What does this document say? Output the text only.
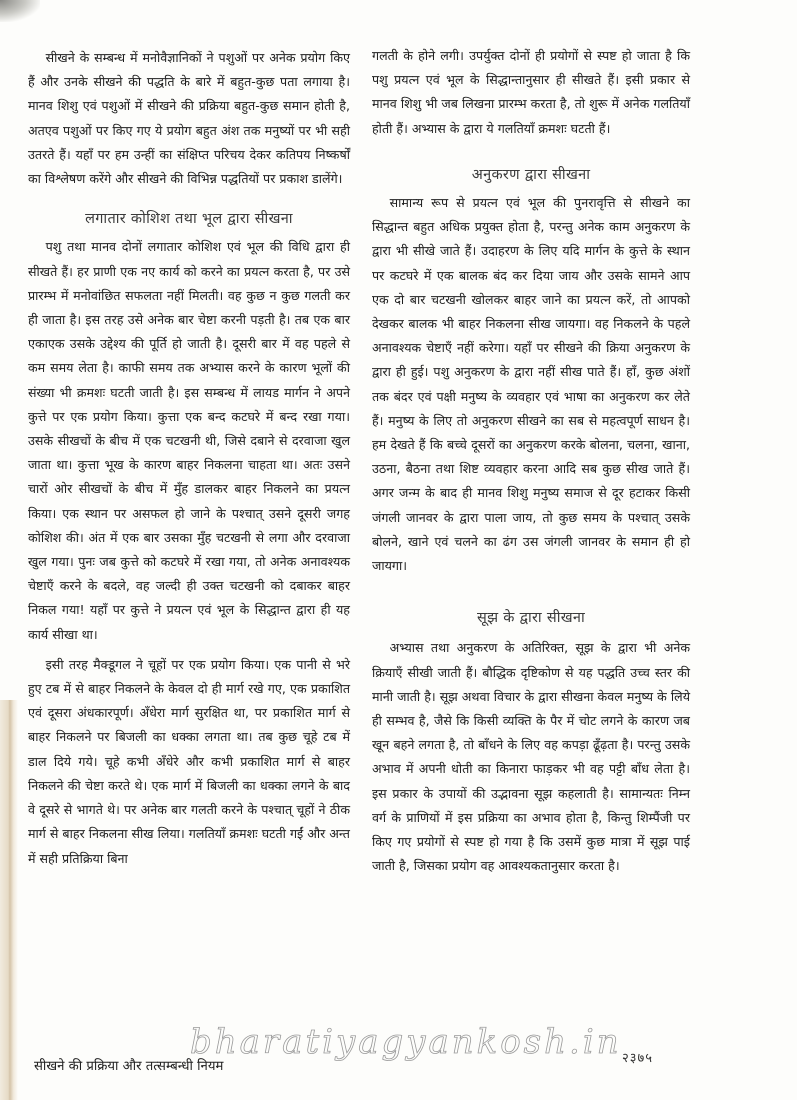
सीखने के सम्बन्ध में मनोवैज्ञानिकों ने पशुओं पर अनेक प्रयोग किए हैं और उनके सीखने की पद्धति के बारे में बहुत-कुछ पता लगाया है। मानव शिशु एवं पशुओं में सीखने की प्रक्रिया बहुत-कुछ समान होती है, अतएव पशुओं पर किए गए ये प्रयोग बहुत अंश तक मनुष्यों पर भी सही उतरते हैं। यहाँ पर हम उन्हीं का संक्षिप्त परिचय देकर कतिपय निष्कर्षों का विश्लेषण करेंगे और सीखने की विभिन्न पद्धतियों पर प्रकाश डालेंगे।

लगातार कोशिश तथा भूल द्वारा सीखना

पशु तथा मानव दोनों लगातार कोशिश एवं भूल की विधि द्वारा ही सीखते हैं। हर प्राणी एक नए कार्य को करने का प्रयत्न करता है, पर उसे प्रारम्भ में मनोवांछित सफलता नहीं मिलती। वह कुछ न कुछ गलती कर ही जाता है। इस तरह उसे अनेक बार चेष्टा करनी पड़ती है। तब एक बार एकाएक उसके उद्देश्य की पूर्ति हो जाती है। दूसरी बार में वह पहले से कम समय लेता है। काफी समय तक अभ्यास करने के कारण भूलों की संख्या भी क्रमशः घटती जाती है। इस सम्बन्ध में लायड मार्गन ने अपने कुत्ते पर एक प्रयोग किया। कुत्ता एक बन्द कटघरे में बन्द रखा गया। उसके सीखचों के बीच में एक चटखनी थी, जिसे दबाने से दरवाजा खुल जाता था। कुत्ता भूख के कारण बाहर निकलना चाहता था। अतः उसने चारों ओर सीखचों के बीच में मुँह डालकर बाहर निकलने का प्रयत्न किया। एक स्थान पर असफल हो जाने के पश्चात् उसने दूसरी जगह कोशिश की। अंत में एक बार उसका मुँह चटखनी से लगा और दरवाजा खुल गया। पुनः जब कुत्ते को कटघरे में रखा गया, तो अनेक अनावश्यक चेष्टाएँ करने के बदले, वह जल्दी ही उक्त चटखनी को दबाकर बाहर निकल गया! यहाँ पर कुत्ते ने प्रयत्न एवं भूल के सिद्धान्त द्वारा ही यह कार्य सीखा था।

इसी तरह मैक्डूगल ने चूहों पर एक प्रयोग किया। एक पानी से भरे हुए टब में से बाहर निकलने के केवल दो ही मार्ग रखे गए, एक प्रकाशित एवं दूसरा अंधकारपूर्ण। अँधेरा मार्ग सुरक्षित था, पर प्रकाशित मार्ग से बाहर निकलने पर बिजली का धक्का लगता था। तब कुछ चूहे टब में डाल दिये गये। चूहे कभी अँधेरे और कभी प्रकाशित मार्ग से बाहर निकलने की चेष्टा करते थे। एक मार्ग में बिजली का धक्का लगने के बाद वे दूसरे से भागते थे। पर अनेक बार गलती करने के पश्चात् चूहों ने ठीक मार्ग से बाहर निकलना सीख लिया। गलतियाँ क्रमशः घटती गईं और अन्त में सही प्रतिक्रिया बिना

गलती के होने लगी। उपर्युक्त दोनों ही प्रयोगों से स्पष्ट हो जाता है कि पशु प्रयत्न एवं भूल के सिद्धान्तानुसार ही सीखते हैं। इसी प्रकार से मानव शिशु भी जब लिखना प्रारम्भ करता है, तो शुरू में अनेक गलतियाँ होती हैं। अभ्यास के द्वारा ये गलतियाँ क्रमशः घटती हैं।

अनुकरण द्वारा सीखना

सामान्य रूप से प्रयत्न एवं भूल की पुनरावृत्ति से सीखने का सिद्धान्त बहुत अधिक प्रयुक्त होता है, परन्तु अनेक काम अनुकरण के द्वारा भी सीखे जाते हैं। उदाहरण के लिए यदि मार्गन के कुत्ते के स्थान पर कटघरे में एक बालक बंद कर दिया जाय और उसके सामने आप एक दो बार चटखनी खोलकर बाहर जाने का प्रयत्न करें, तो आपको देखकर बालक भी बाहर निकलना सीख जायगा। वह निकलने के पहले अनावश्यक चेष्टाएँ नहीं करेगा। यहाँ पर सीखने की क्रिया अनुकरण के द्वारा ही हुई। पशु अनुकरण के द्वारा नहीं सीख पाते हैं। हाँ, कुछ अंशों तक बंदर एवं पक्षी मनुष्य के व्यवहार एवं भाषा का अनुकरण कर लेते हैं। मनुष्य के लिए तो अनुकरण सीखने का सब से महत्वपूर्ण साधन है। हम देखते हैं कि बच्चे दूसरों का अनुकरण करके बोलना, चलना, खाना, उठना, बैठना तथा शिष्ट व्यवहार करना आदि सब कुछ सीख जाते हैं। अगर जन्म के बाद ही मानव शिशु मनुष्य समाज से दूर हटाकर किसी जंगली जानवर के द्वारा पाला जाय, तो कुछ समय के पश्चात् उसके बोलने, खाने एवं चलने का ढंग उस जंगली जानवर के समान ही हो जायगा।

सूझ के द्वारा सीखना

अभ्यास तथा अनुकरण के अतिरिक्त, सूझ के द्वारा भी अनेक क्रियाएँ सीखी जाती हैं। बौद्धिक दृष्टिकोण से यह पद्धति उच्च स्तर की मानी जाती है। सूझ अथवा विचार के द्वारा सीखना केवल मनुष्य के लिये ही सम्भव है, जैसे कि किसी व्यक्ति के पैर में चोट लगने के कारण जब खून बहने लगता है, तो बाँधने के लिए वह कपड़ा ढूँढ़ता है। परन्तु उसके अभाव में अपनी धोती का किनारा फाड़कर भी वह पट्टी बाँध लेता है। इस प्रकार के उपायों की उद्भावना सूझ कहलाती है। सामान्यतः निम्न वर्ग के प्राणियों में इस प्रक्रिया का अभाव होता है, किन्तु शिम्पैंजी पर किए गए प्रयोगों से स्पष्ट हो गया है कि उसमें कुछ मात्रा में सूझ पाई जाती है, जिसका प्रयोग वह आवश्यकतानुसार करता है।

bharatiyagyankosh.in
सीखने की प्रक्रिया और तत्सम्बन्धी नियम
२३७५
